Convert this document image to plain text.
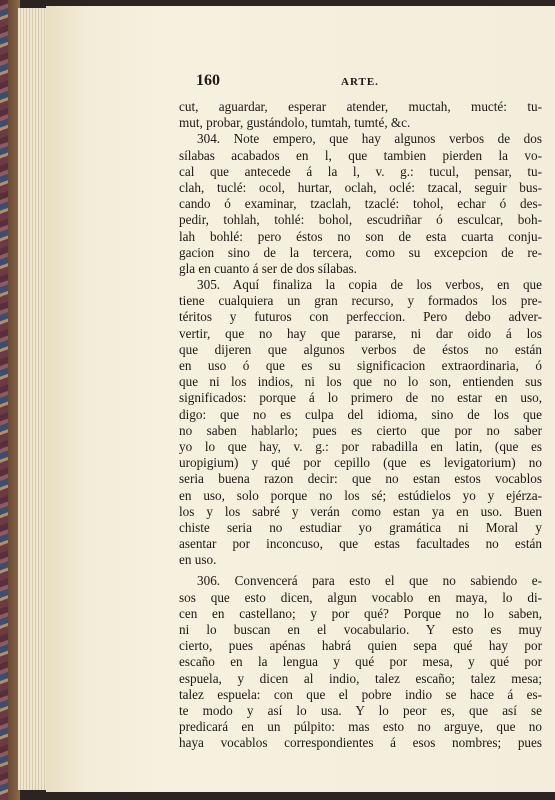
160	ARTE.
cut, aguardar, esperar atender, muctah, mucté: tu-
mut, probar, gustándolo, tumtah, tumté, &c.
304. Note empero, que hay algunos verbos de dos
sílabas acabados en l, que tambien pierden la vo-
cal que antecede á la l, v. g.: tucul, pensar, tu-
clah, tuclé: ocol, hurtar, oclah, oclé: tzacal, seguir bus-
cando ó examinar, tzaclah, tzaclé: tohol, echar ó des-
pedir, tohlah, tohlé: bohol, escudriñar ó esculcar, boh-
lah bohlé: pero éstos no son de esta cuarta conju-
gacion sino de la tercera, como su excepcion de re-
gla en cuanto á ser de dos sílabas.
305. Aquí finaliza la copia de los verbos, en que
tiene cualquiera un gran recurso, y formados los pre-
téritos y futuros con perfeccion. Pero debo adver-
vertir, que no hay que pararse, ni dar oido á los
que dijeren que algunos verbos de éstos no están
en uso ó que es su significacion extraordinaria, ó
que ni los indios, ni los que no lo son, entienden sus
significados: porque á lo primero de no estar en uso,
digo: que no es culpa del idioma, sino de los que
no saben hablarlo; pues es cierto que por no saber
yo lo que hay, v. g.: por rabadilla en latin, (que es
uropigium) y qué por cepillo (que es levigatorium) no
seria buena razon decir: que no estan estos vocablos
en uso, solo porque no los sé; estúdielos yo y ejérza-
los y los sabré y verán como estan ya en uso. Buen
chiste seria no estudiar yo gramática ni Moral y
asentar por inconcuso, que estas facultades no están
en uso.
306. Convencerá para esto el que no sabiendo e-
sos que esto dicen, algun vocablo en maya, lo di-
cen en castellano; y por qué? Porque no lo saben,
ni lo buscan en el vocabulario. Y esto es muy
cierto, pues apénas habrá quien sepa qué hay por
escaño en la lengua y qué por mesa, y qué por
espuela, y dicen al indio, talez escaño; talez mesa;
talez espuela: con que el pobre indio se hace á es-
te modo y así lo usa. Y lo peor es, que así se
predicará en un púlpito: mas esto no arguye, que no
haya vocablos correspondientes á esos nombres; pues
